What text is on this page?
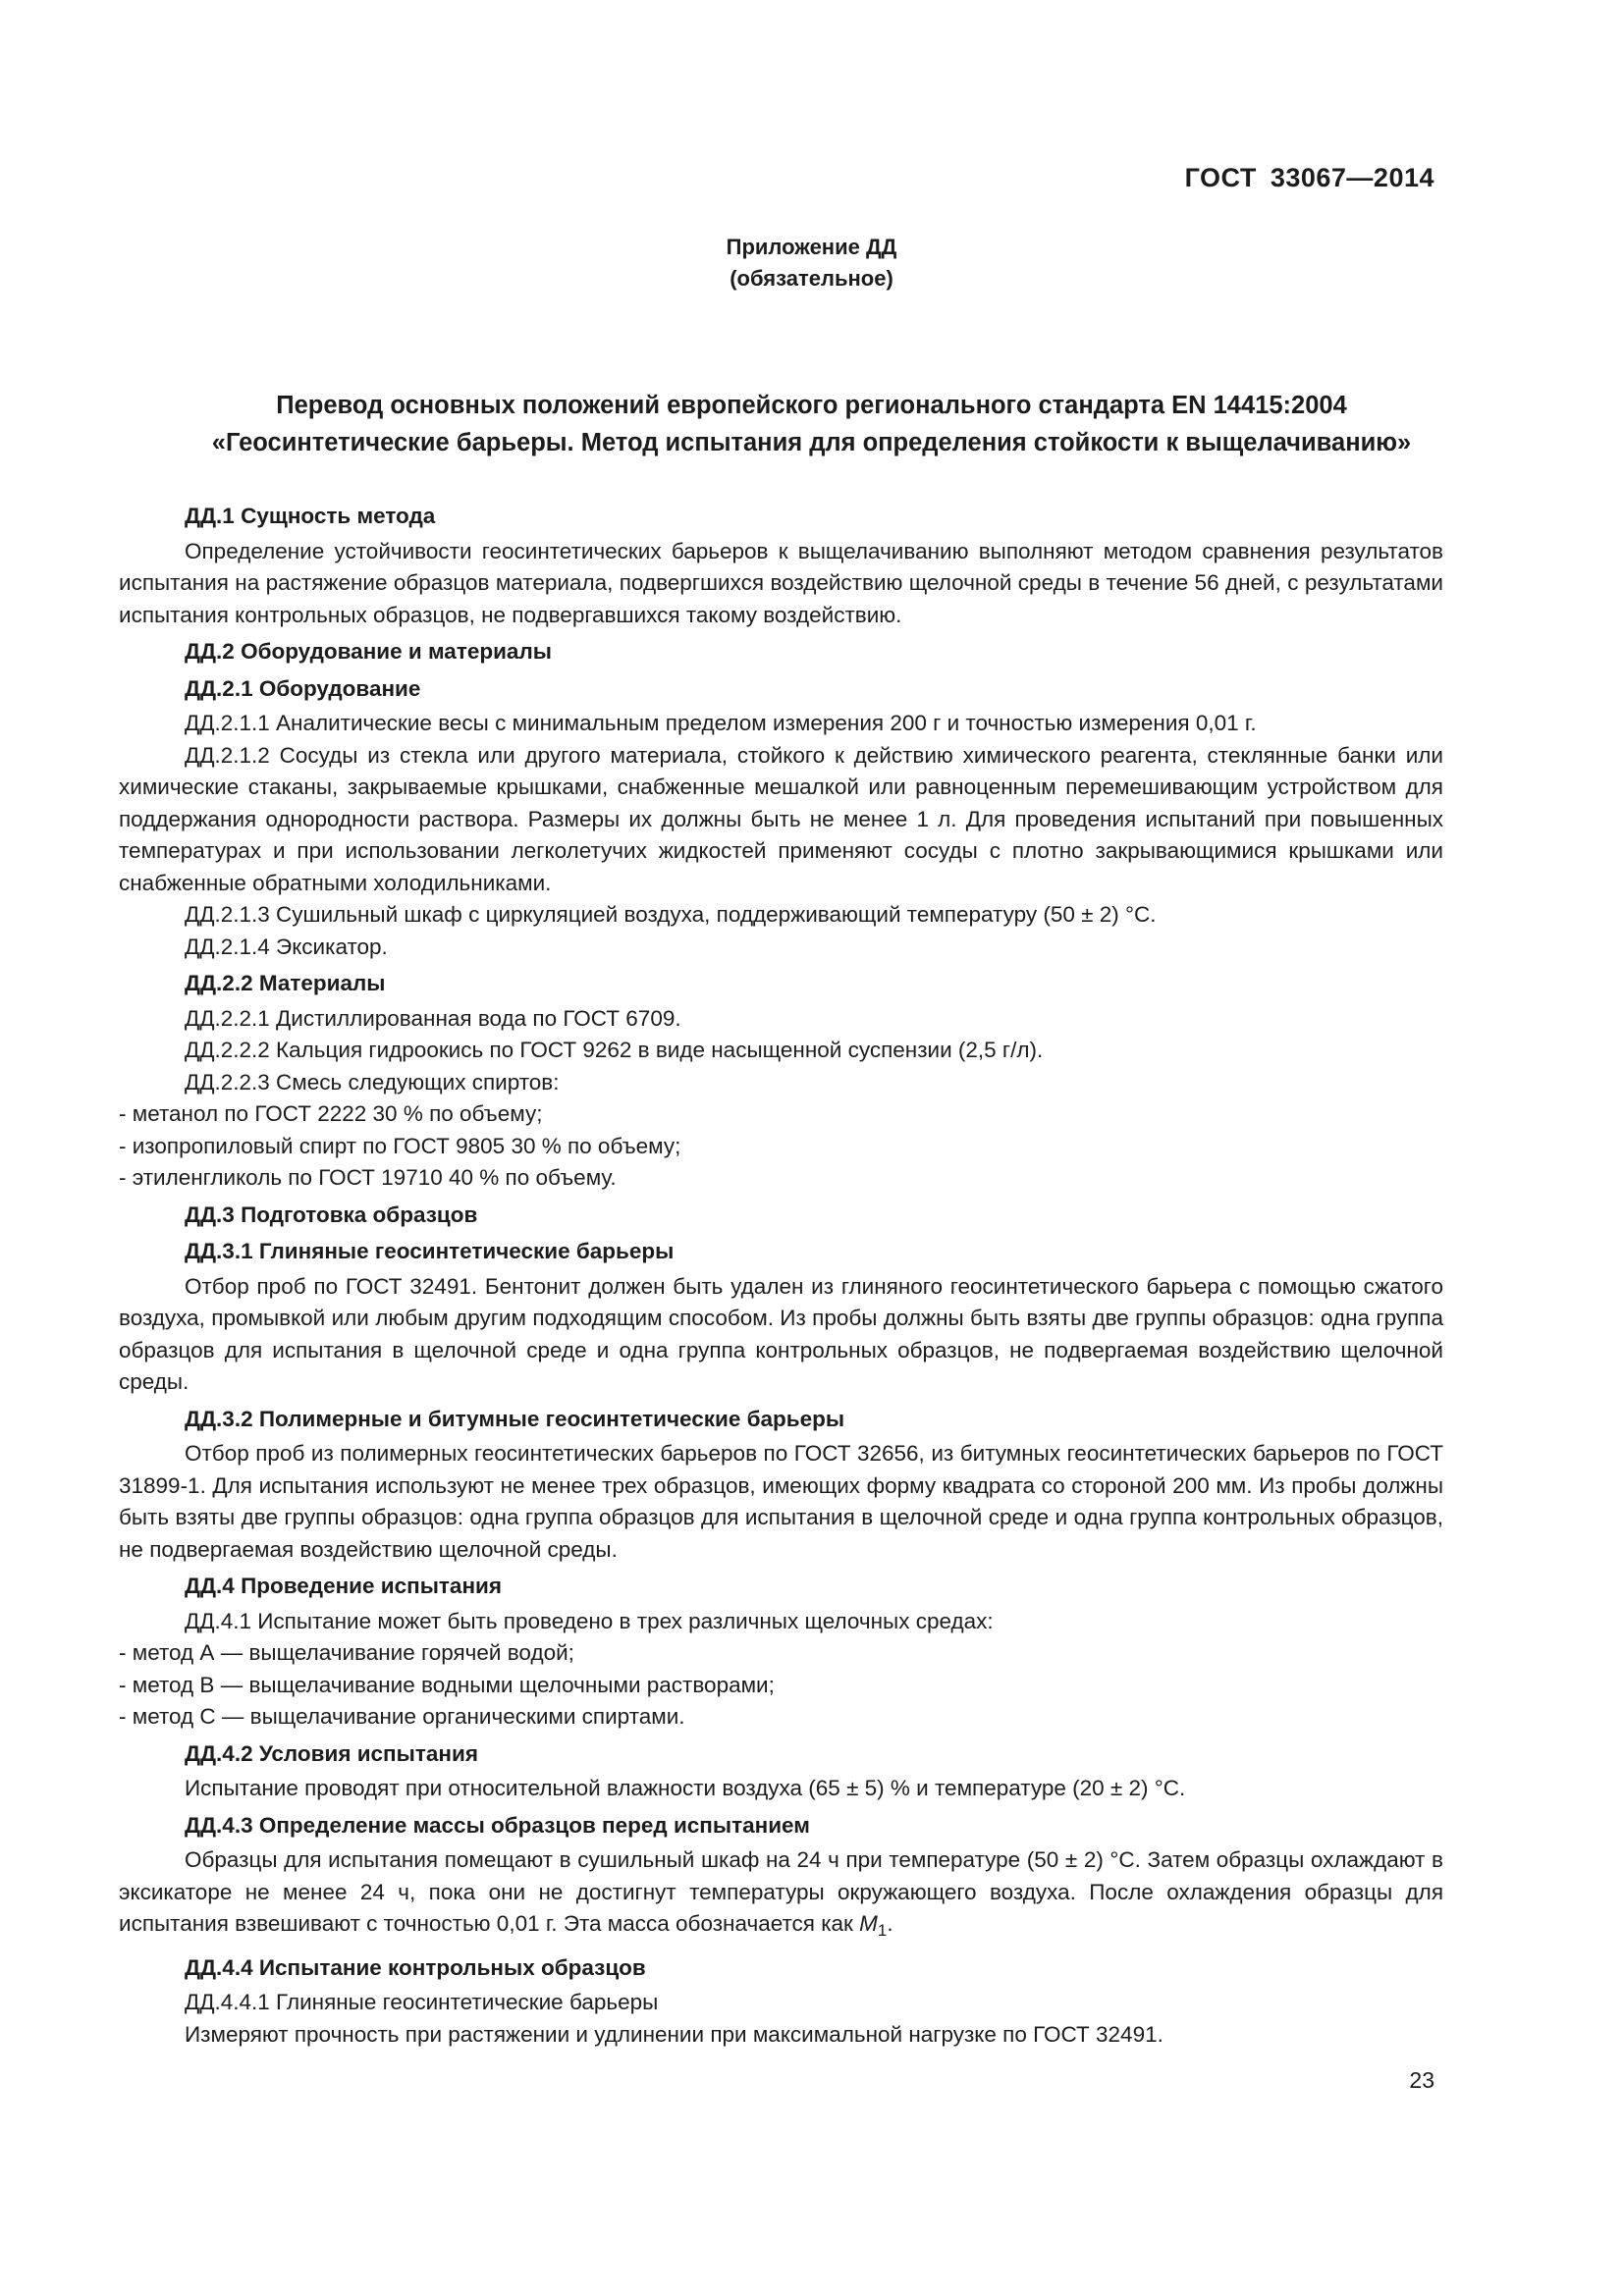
ГОСТ 33067—2014
Приложение ДД
(обязательное)
Перевод основных положений европейского регионального стандарта EN 14415:2004
«Геосинтетические барьеры. Метод испытания для определения стойкости к выщелачиванию»

ДД.1 Сущность метода

Определение устойчивости геосинтетических барьеров к выщелачиванию выполняют методом сравнения результатов испытания на растяжение образцов материала, подвергшихся воздействию щелочной среды в течение 56 дней, с результатами испытания контрольных образцов, не подвергавшихся такому воздействию.

ДД.2 Оборудование и материалы

ДД.2.1 Оборудование

ДД.2.1.1 Аналитические весы с минимальным пределом измерения 200 г и точностью измерения 0,01 г.

ДД.2.1.2 Сосуды из стекла или другого материала, стойкого к действию химического реагента, стеклянные банки или химические стаканы, закрываемые крышками, снабженные мешалкой или равноценным перемешивающим устройством для поддержания однородности раствора. Размеры их должны быть не менее 1 л. Для проведения испытаний при повышенных температурах и при использовании легколетучих жидкостей применяют сосуды с плотно закрывающимися крышками или снабженные обратными холодильниками.

ДД.2.1.3 Сушильный шкаф с циркуляцией воздуха, поддерживающий температуру (50 ± 2) °С.

ДД.2.1.4 Эксикатор.

ДД.2.2 Материалы

ДД.2.2.1 Дистиллированная вода по ГОСТ 6709.

ДД.2.2.2 Кальция гидроокись по ГОСТ 9262 в виде насыщенной суспензии (2,5 г/л).

ДД.2.2.3 Смесь следующих спиртов:

- метанол по ГОСТ 2222 30 % по объему;

- изопропиловый спирт по ГОСТ 9805 30 % по объему;

- этиленгликоль по ГОСТ 19710 40 % по объему.

ДД.3 Подготовка образцов

ДД.3.1 Глиняные геосинтетические барьеры

Отбор проб по ГОСТ 32491. Бентонит должен быть удален из глиняного геосинтетического барьера с помощью сжатого воздуха, промывкой или любым другим подходящим способом. Из пробы должны быть взяты две группы образцов: одна группа образцов для испытания в щелочной среде и одна группа контрольных образцов, не подвергаемая воздействию щелочной среды.

ДД.3.2 Полимерные и битумные геосинтетические барьеры

Отбор проб из полимерных геосинтетических барьеров по ГОСТ 32656, из битумных геосинтетических барьеров по ГОСТ 31899-1. Для испытания используют не менее трех образцов, имеющих форму квадрата со стороной 200 мм. Из пробы должны быть взяты две группы образцов: одна группа образцов для испытания в щелочной среде и одна группа контрольных образцов, не подвергаемая воздействию щелочной среды.

ДД.4 Проведение испытания

ДД.4.1 Испытание может быть проведено в трех различных щелочных средах:

- метод А — выщелачивание горячей водой;

- метод В — выщелачивание водными щелочными растворами;

- метод С — выщелачивание органическими спиртами.

ДД.4.2 Условия испытания

Испытание проводят при относительной влажности воздуха (65 ± 5) % и температуре (20 ± 2) °С.

ДД.4.3 Определение массы образцов перед испытанием

Образцы для испытания помещают в сушильный шкаф на 24 ч при температуре (50 ± 2) °С. Затем образцы охлаждают в эксикаторе не менее 24 ч, пока они не достигнут температуры окружающего воздуха. После охлаждения образцы для испытания взвешивают с точностью 0,01 г. Эта масса обозначается как $M_1$.

ДД.4.4 Испытание контрольных образцов

ДД.4.4.1 Глиняные геосинтетические барьеры

Измеряют прочность при растяжении и удлинении при максимальной нагрузке по ГОСТ 32491.

23
